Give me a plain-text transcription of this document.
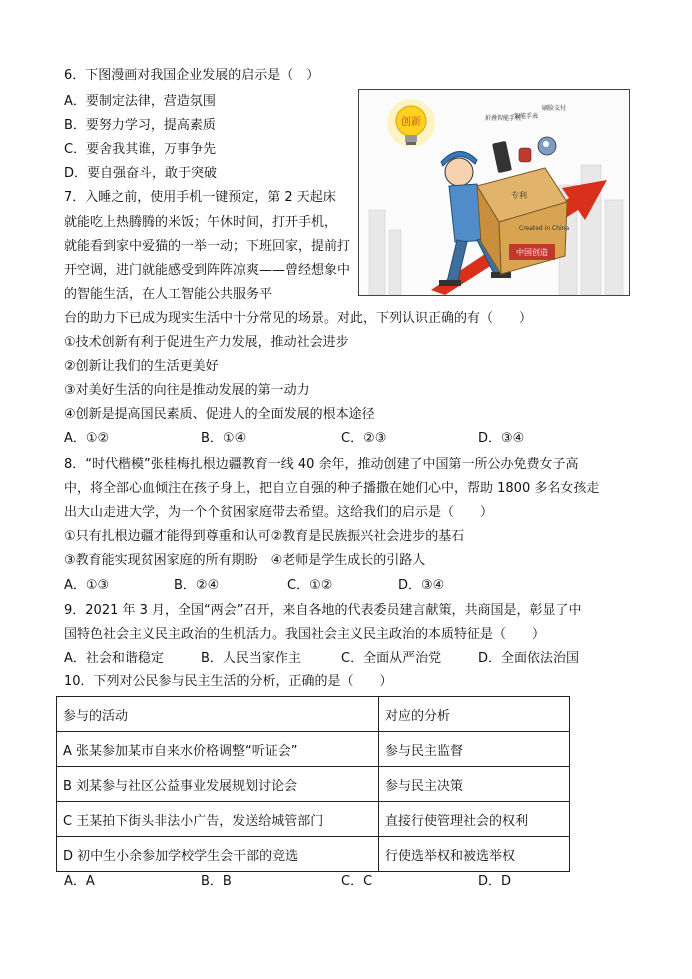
6．下图漫画对我国企业发展的启示是（　）
A．要制定法律，营造氛围
B．要努力学习，提高素质
C．要舍我其谁，万事争先
D．要自强奋斗，敢于突破
创新
专利
Created in China
中国创造
折叠智能手机
智能手表
刷脸支付
7．入睡之前，使用手机一键预定，第 2 天起床
就能吃上热腾腾的米饭；午休时间，打开手机，
就能看到家中爱猫的一举一动；下班回家，提前打
开空调，进门就能感受到阵阵凉爽——曾经想象中
的智能生活，在人工智能公共服务平
台的助力下已成为现实生活中十分常见的场景。对此，下列认识正确的有（　　）
①技术创新有利于促进生产力发展，推动社会进步
②创新让我们的生活更美好
③对美好生活的向往是推动发展的第一动力
④创新是提高国民素质、促进人的全面发展的根本途径
A．①②	B．①④	C．②③	D．③④
8．“时代楷模”张桂梅扎根边疆教育一线 40 余年，推动创建了中国第一所公办免费女子高
中，将全部心血倾注在孩子身上，把自立自强的种子播撒在她们心中，帮助 1800 多名女孩走
出大山走进大学，为一个个贫困家庭带去希望。这给我们的启示是（　　）
①只有扎根边疆才能得到尊重和认可②教育是民族振兴社会进步的基石
③教育能实现贫困家庭的所有期盼　④老师是学生成长的引路人
A．①③	B．②④	C．①②	D．③④
9．2021 年 3 月，全国“两会”召开，来自各地的代表委员建言献策，共商国是，彰显了中
国特色社会主义民主政治的生机活力。我国社会主义民主政治的本质特征是（　　）
A．社会和谐稳定	B．人民当家作主	C．全面从严治党	D．全面依法治国
10．下列对公民参与民主生活的分析，正确的是（　　）
参与的活动	对应的分析
A 张某参加某市自来水价格调整“听证会”	参与民主监督
B 刘某参与社区公益事业发展规划讨论会	参与民主决策
C 王某拍下街头非法小广告，发送给城管部门	直接行使管理社会的权利
D 初中生小余参加学校学生会干部的竞选	行使选举权和被选举权
A．A	B．B	C．C	D．D
